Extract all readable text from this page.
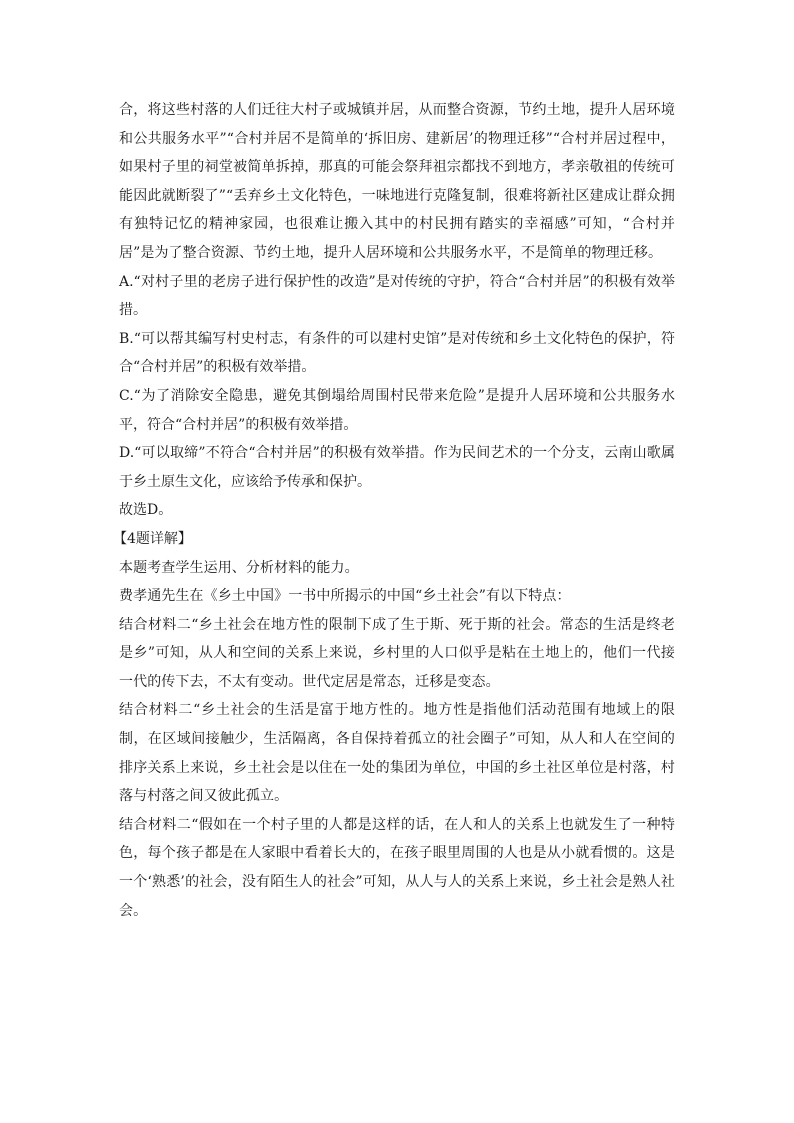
合，将这些村落的人们迁往大村子或城镇并居，从而整合资源，节约土地，提升人居环境和公共服务水平”“合村并居不是简单的‘拆旧房、建新居’的物理迁移”“合村并居过程中，如果村子里的祠堂被简单拆掉，那真的可能会祭拜祖宗都找不到地方，孝亲敬祖的传统可能因此就断裂了”“丢弃乡土文化特色，一味地进行克隆复制，很难将新社区建成让群众拥有独特记忆的精神家园，也很难让搬入其中的村民拥有踏实的幸福感”可知，“合村并居”是为了整合资源、节约土地，提升人居环境和公共服务水平，不是简单的物理迁移。

A.“对村子里的老房子进行保护性的改造”是对传统的守护，符合“合村并居”的积极有效举措。

B.“可以帮其编写村史村志，有条件的可以建村史馆”是对传统和乡土文化特色的保护，符合“合村并居”的积极有效举措。

C.“为了消除安全隐患，避免其倒塌给周围村民带来危险”是提升人居环境和公共服务水平，符合“合村并居”的积极有效举措。

D.“可以取缔”不符合“合村并居”的积极有效举措。作为民间艺术的一个分支，云南山歌属于乡土原生文化，应该给予传承和保护。

故选D。

【4题详解】

本题考查学生运用、分析材料的能力。

费孝通先生在《乡土中国》一书中所揭示的中国“乡土社会”有以下特点：

结合材料二“乡土社会在地方性的限制下成了生于斯、死于斯的社会。常态的生活是终老是乡”可知，从人和空间的关系上来说，乡村里的人口似乎是粘在土地上的，他们一代接一代的传下去，不太有变动。世代定居是常态，迁移是变态。

结合材料二“乡土社会的生活是富于地方性的。地方性是指他们活动范围有地域上的限制，在区域间接触少，生活隔离，各自保持着孤立的社会圈子”可知，从人和人在空间的排序关系上来说，乡土社会是以住在一处的集团为单位，中国的乡土社区单位是村落，村落与村落之间又彼此孤立。

结合材料二“假如在一个村子里的人都是这样的话，在人和人的关系上也就发生了一种特色，每个孩子都是在人家眼中看着长大的，在孩子眼里周围的人也是从小就看惯的。这是一个‘熟悉’的社会，没有陌生人的社会”可知，从人与人的关系上来说，乡土社会是熟人社会。
